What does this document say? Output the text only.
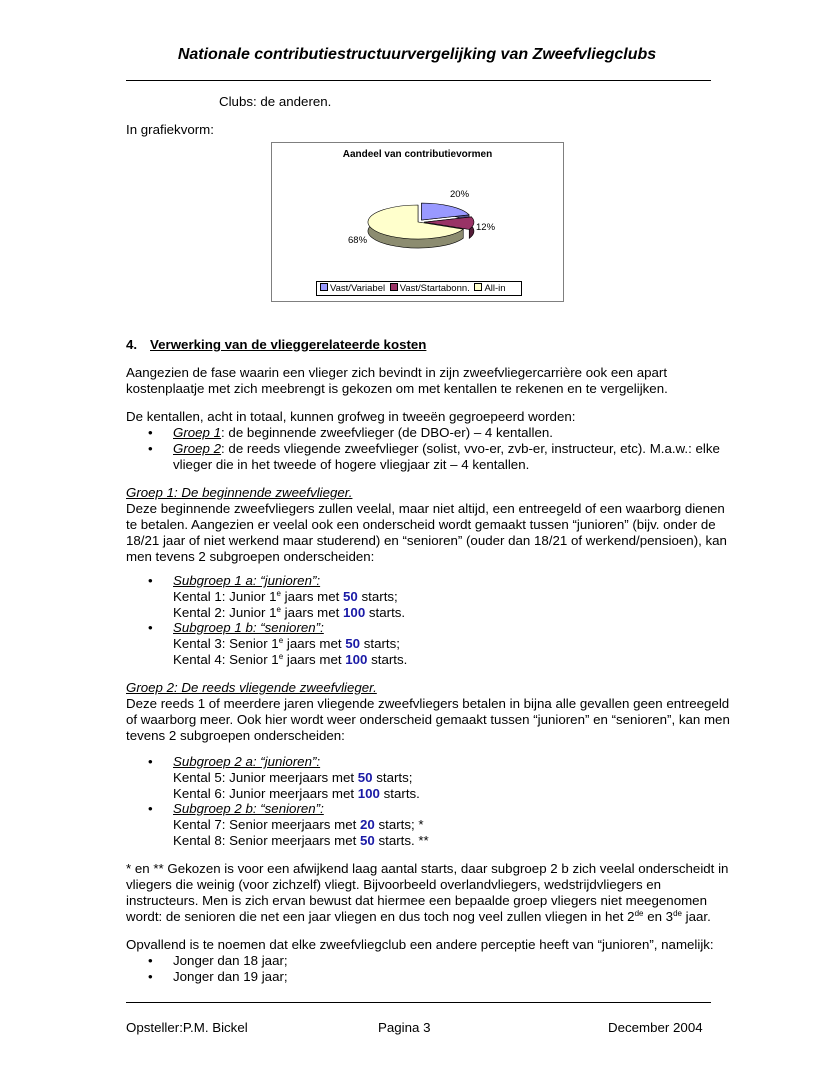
Nationale contributiestructuurvergelijking van Zweefvliegclubs
Clubs: de anderen.
In grafiekvorm:
Aandeel van contributievormen
20%
12%
68%
Vast/Variabel Vast/Startabonn. All-in
4. Verwerking van de vlieggerelateerde kosten
Aangezien de fase waarin een vlieger zich bevindt in zijn zweefvliegercarrière ook een apart
kostenplaatje met zich meebrengt is gekozen om met kentallen te rekenen en te vergelijken.
De kentallen, acht in totaal, kunnen grofweg in tweeën gegroepeerd worden:
•	Groep 1: de beginnende zweefvlieger (de DBO-er) – 4 kentallen.
•	Groep 2: de reeds vliegende zweefvlieger (solist, vvo-er, zvb-er, instructeur, etc). M.a.w.: elke
vlieger die in het tweede of hogere vliegjaar zit – 4 kentallen.
Groep 1: De beginnende zweefvlieger.
Deze beginnende zweefvliegers zullen veelal, maar niet altijd, een entreegeld of een waarborg dienen
te betalen. Aangezien er veelal ook een onderscheid wordt gemaakt tussen “junioren” (bijv. onder de
18/21 jaar of niet werkend maar studerend) en “senioren” (ouder dan 18/21 of werkend/pensioen), kan
men tevens 2 subgroepen onderscheiden:
•	Subgroep 1 a: “junioren”:
Kental 1: Junior 1e jaars met 50 starts;
Kental 2: Junior 1e jaars met 100 starts.
•	Subgroep 1 b: “senioren”:
Kental 3: Senior 1e jaars met 50 starts;
Kental 4: Senior 1e jaars met 100 starts.
Groep 2: De reeds vliegende zweefvlieger.
Deze reeds 1 of meerdere jaren vliegende zweefvliegers betalen in bijna alle gevallen geen entreegeld
of waarborg meer. Ook hier wordt weer onderscheid gemaakt tussen “junioren” en “senioren”, kan men
tevens 2 subgroepen onderscheiden:
•	Subgroep 2 a: “junioren”:
Kental 5: Junior meerjaars met 50 starts;
Kental 6: Junior meerjaars met 100 starts.
•	Subgroep 2 b: “senioren”:
Kental 7: Senior meerjaars met 20 starts; *
Kental 8: Senior meerjaars met 50 starts. **
* en ** Gekozen is voor een afwijkend laag aantal starts, daar subgroep 2 b zich veelal onderscheidt in
vliegers die weinig (voor zichzelf) vliegt. Bijvoorbeeld overlandvliegers, wedstrijdvliegers en
instructeurs. Men is zich ervan bewust dat hiermee een bepaalde groep vliegers niet meegenomen
wordt: de senioren die net een jaar vliegen en dus toch nog veel zullen vliegen in het 2de en 3de jaar.
Opvallend is te noemen dat elke zweefvliegclub een andere perceptie heeft van “junioren”, namelijk:
•	Jonger dan 18 jaar;
•	Jonger dan 19 jaar;
Opsteller:P.M. Bickel	Pagina 3	December 2004
